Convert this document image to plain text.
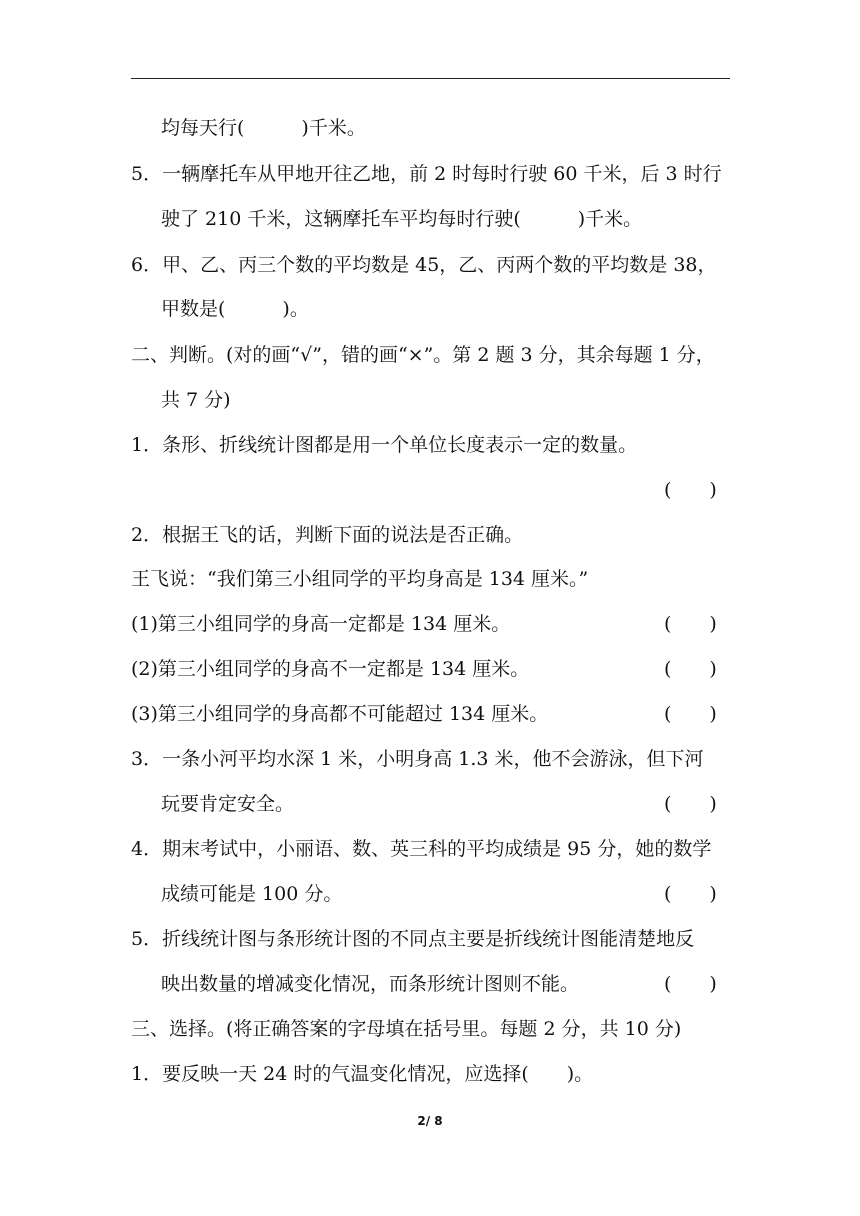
均每天行(　　　)千米。
5．一辆摩托车从甲地开往乙地，前 2 时每时行驶 60 千米，后 3 时行
驶了 210 千米，这辆摩托车平均每时行驶(　　　)千米。
6．甲、乙、丙三个数的平均数是 45，乙、丙两个数的平均数是 38，
甲数是(　　　)。
二、判断。(对的画“√”，错的画“×”。第 2 题 3 分，其余每题 1 分，
共 7 分)
1．条形、折线统计图都是用一个单位长度表示一定的数量。
(　　)
2．根据王飞的话，判断下面的说法是否正确。
王飞说：“我们第三小组同学的平均身高是 134 厘米。”
(1)第三小组同学的身高一定都是 134 厘米。	(　　)
(2)第三小组同学的身高不一定都是 134 厘米。	(　　)
(3)第三小组同学的身高都不可能超过 134 厘米。	(　　)
3．一条小河平均水深 1 米，小明身高 1.3 米，他不会游泳，但下河
玩要肯定安全。	(　　)
4．期末考试中，小丽语、数、英三科的平均成绩是 95 分，她的数学
成绩可能是 100 分。	(　　)
5．折线统计图与条形统计图的不同点主要是折线统计图能清楚地反
映出数量的增减变化情况，而条形统计图则不能。	(　　)
三、选择。(将正确答案的字母填在括号里。每题 2 分，共 10 分)
1．要反映一天 24 时的气温变化情况，应选择(　　)。
2/ 8
